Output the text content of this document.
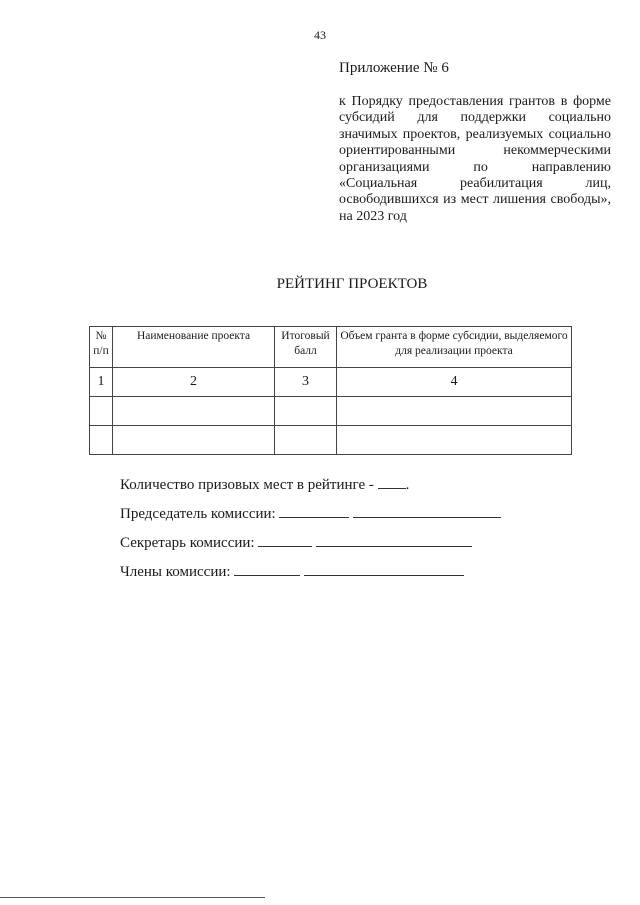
43
Приложение № 6
к Порядку предоставления грантов в форме субсидий для поддержки социально значимых проектов, реализуемых социально ориентированными некоммерческими организациями по направлению «Социальная реабилитация лиц, освободившихся из мест лишения свободы», на 2023 год
РЕЙТИНГ ПРОЕКТОВ
№ п/п	Наименование проекта	Итоговый балл	Объем гранта в форме субсидии, выделяемого для реализации проекта
1	2	3	4

Количество призовых мест в рейтинге - .
Председатель комиссии:
Секретарь комиссии:
Члены комиссии:
